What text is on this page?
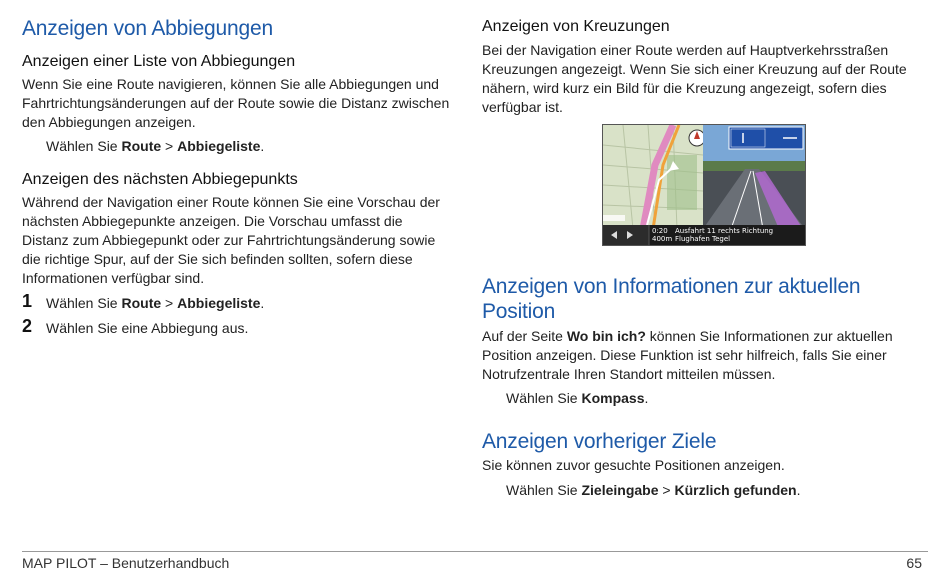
Anzeigen von Abbiegungen
Anzeigen einer Liste von Abbiegungen

Wenn Sie eine Route navigieren, können Sie alle Abbiegungen und Fahrtrichtungsänderungen auf der Route sowie die Distanz zwischen den Abbiegungen anzeigen.

Wählen Sie Route > Abbiegeliste.

Anzeigen des nächsten Abbiegepunkts

Während der Navigation einer Route können Sie eine Vorschau der nächsten Abbiegepunkte anzeigen. Die Vorschau umfasst die Distanz zum Abbiegepunkt oder zur Fahrtrichtungsänderung sowie die richtige Spur, auf der Sie sich befinden sollten, sofern diese Informationen verfügbar sind.

1 Wählen Sie Route > Abbiegeliste.
2 Wählen Sie eine Abbiegung aus.
Anzeigen von Kreuzungen

Bei der Navigation einer Route werden auf Hauptverkehrsstraßen Kreuzungen angezeigt. Wenn Sie sich einer Kreuzung auf der Route nähern, wird kurz ein Bild für die Kreuzung angezeigt, sofern dies verfügbar ist.

Anzeigen von Informationen zur aktuellen Position

Auf der Seite Wo bin ich? können Sie Informationen zur aktuellen Position anzeigen. Diese Funktion ist sehr hilfreich, falls Sie einer Notrufzentrale Ihren Standort mitteilen müssen.

Wählen Sie Kompass.

Anzeigen vorheriger Ziele

Sie können zuvor gesuchte Positionen anzeigen.

Wählen Sie Zieleingabe > Kürzlich gefunden.

0:20
400m
Ausfahrt 11 rechts Richtung
Flughafen Tegel
MAP PILOT – Benutzerhandbuch	65
